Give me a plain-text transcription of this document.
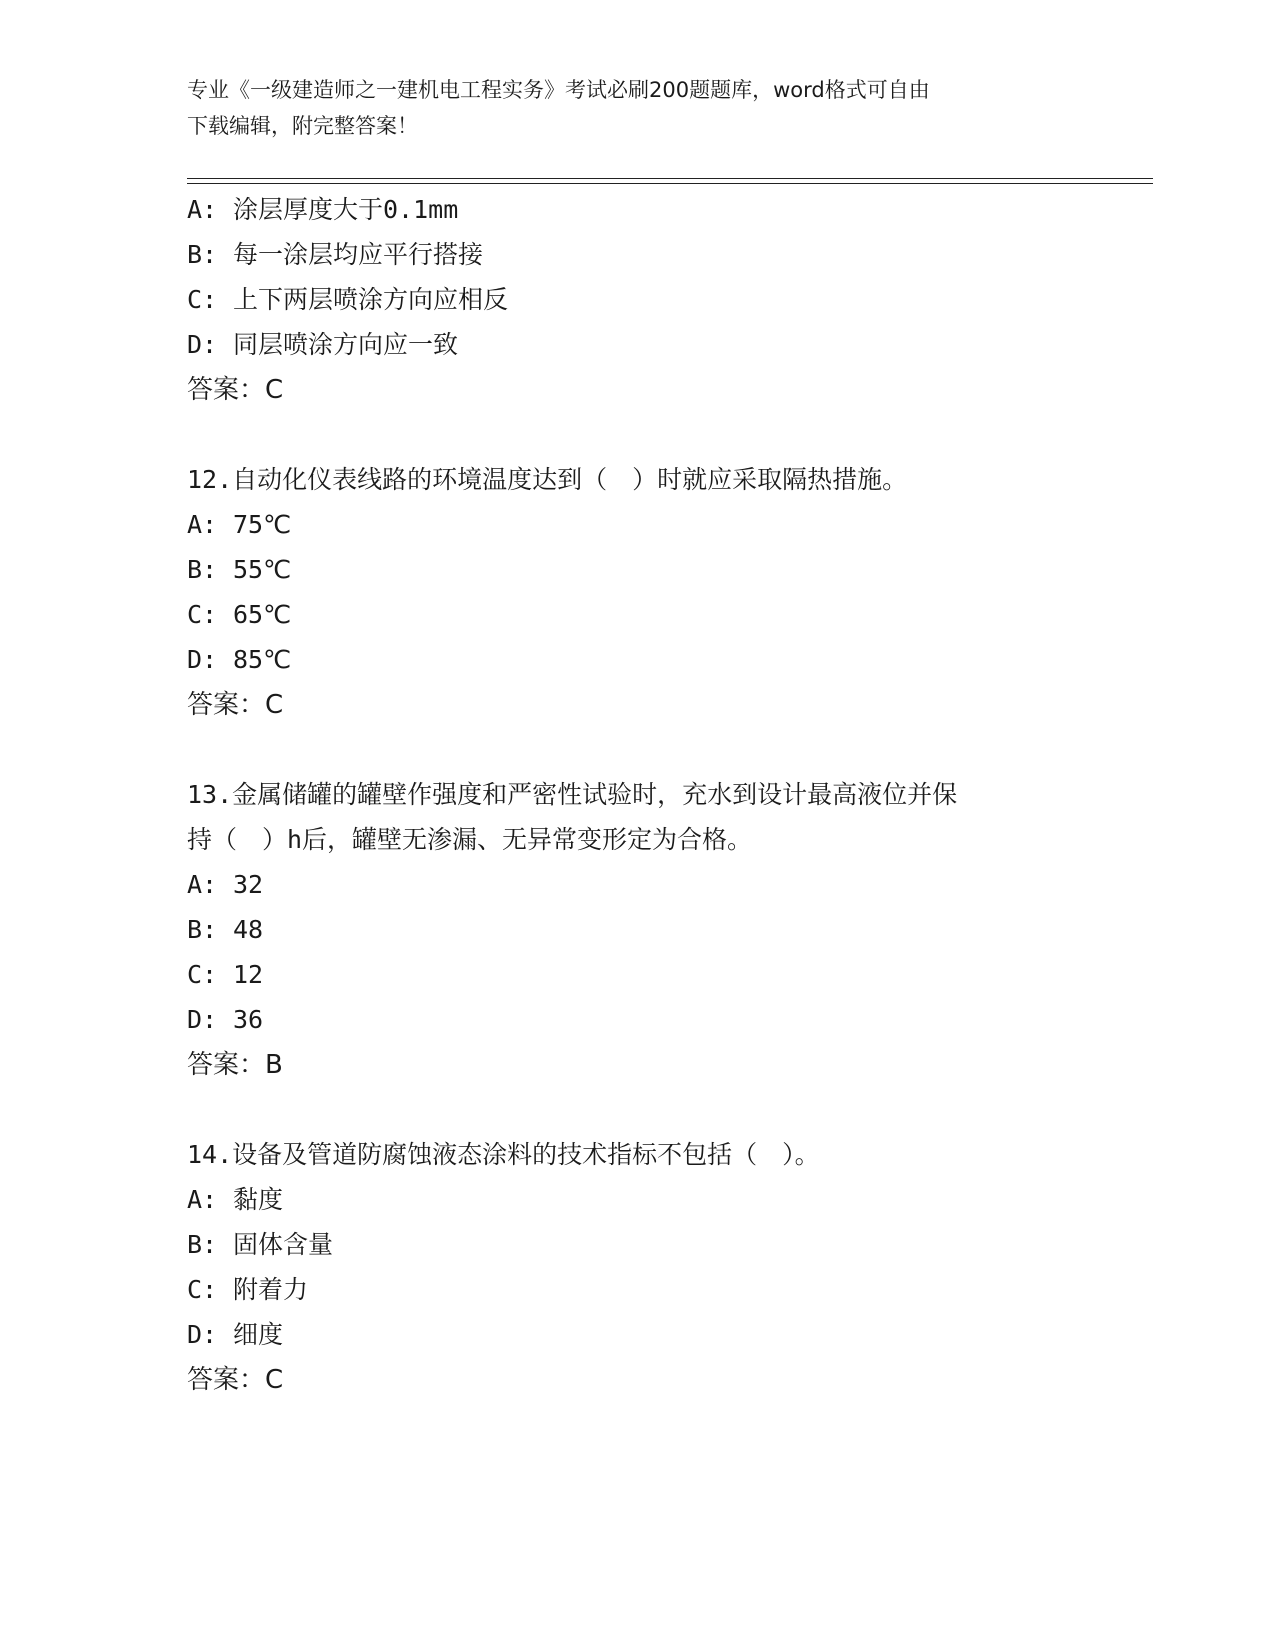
专业《一级建造师之一建机电工程实务》考试必刷200题题库，word格式可自由
下载编辑，附完整答案！
A: 涂层厚度大于0.1mm
B: 每一涂层均应平行搭接
C: 上下两层喷涂方向应相反
D: 同层喷涂方向应一致
答案：C
12.自动化仪表线路的环境温度达到（　）时就应采取隔热措施。
A: 75℃
B: 55℃
C: 65℃
D: 85℃
答案：C
13.金属储罐的罐壁作强度和严密性试验时，充水到设计最高液位并保
持（　）h后，罐壁无渗漏、无异常变形定为合格。
A: 32
B: 48
C: 12
D: 36
答案：B
14.设备及管道防腐蚀液态涂料的技术指标不包括（　）。
A: 黏度
B: 固体含量
C: 附着力
D: 细度
答案：C
